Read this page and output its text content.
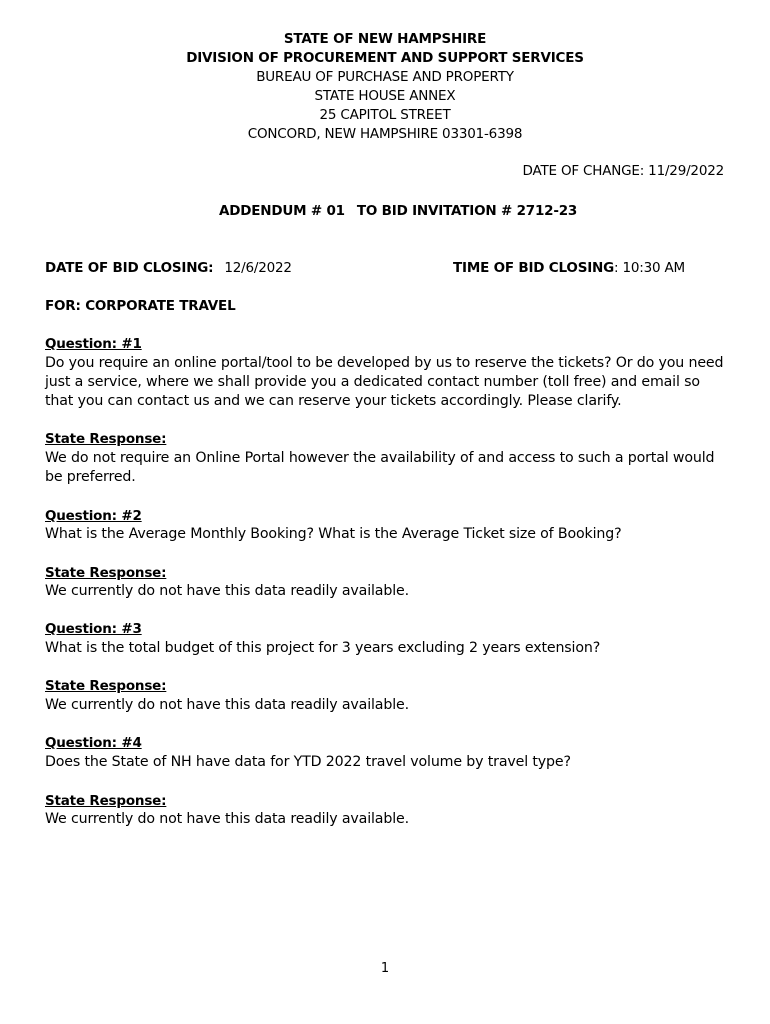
STATE OF NEW HAMPSHIRE
DIVISION OF PROCUREMENT AND SUPPORT SERVICES
BUREAU OF PURCHASE AND PROPERTY
STATE HOUSE ANNEX
25 CAPITOL STREET
CONCORD, NEW HAMPSHIRE 03301-6398
DATE OF CHANGE: 11/29/2022
ADDENDUM # 01 TO BID INVITATION # 2712-23
DATE OF BID CLOSING: 12/6/2022	TIME OF BID CLOSING: 10:30 AM
FOR: CORPORATE TRAVEL
Question: #1
Do you require an online portal/tool to be developed by us to reserve the tickets? Or do you need just a service, where we shall provide you a dedicated contact number (toll free) and email so that you can contact us and we can reserve your tickets accordingly. Please clarify.
State Response:
We do not require an Online Portal however the availability of and access to such a portal would be preferred.
Question: #2
What is the Average Monthly Booking? What is the Average Ticket size of Booking?
State Response:
We currently do not have this data readily available.
Question: #3
What is the total budget of this project for 3 years excluding 2 years extension?
State Response:
We currently do not have this data readily available.
Question: #4
Does the State of NH have data for YTD 2022 travel volume by travel type?
State Response:
We currently do not have this data readily available.
1
